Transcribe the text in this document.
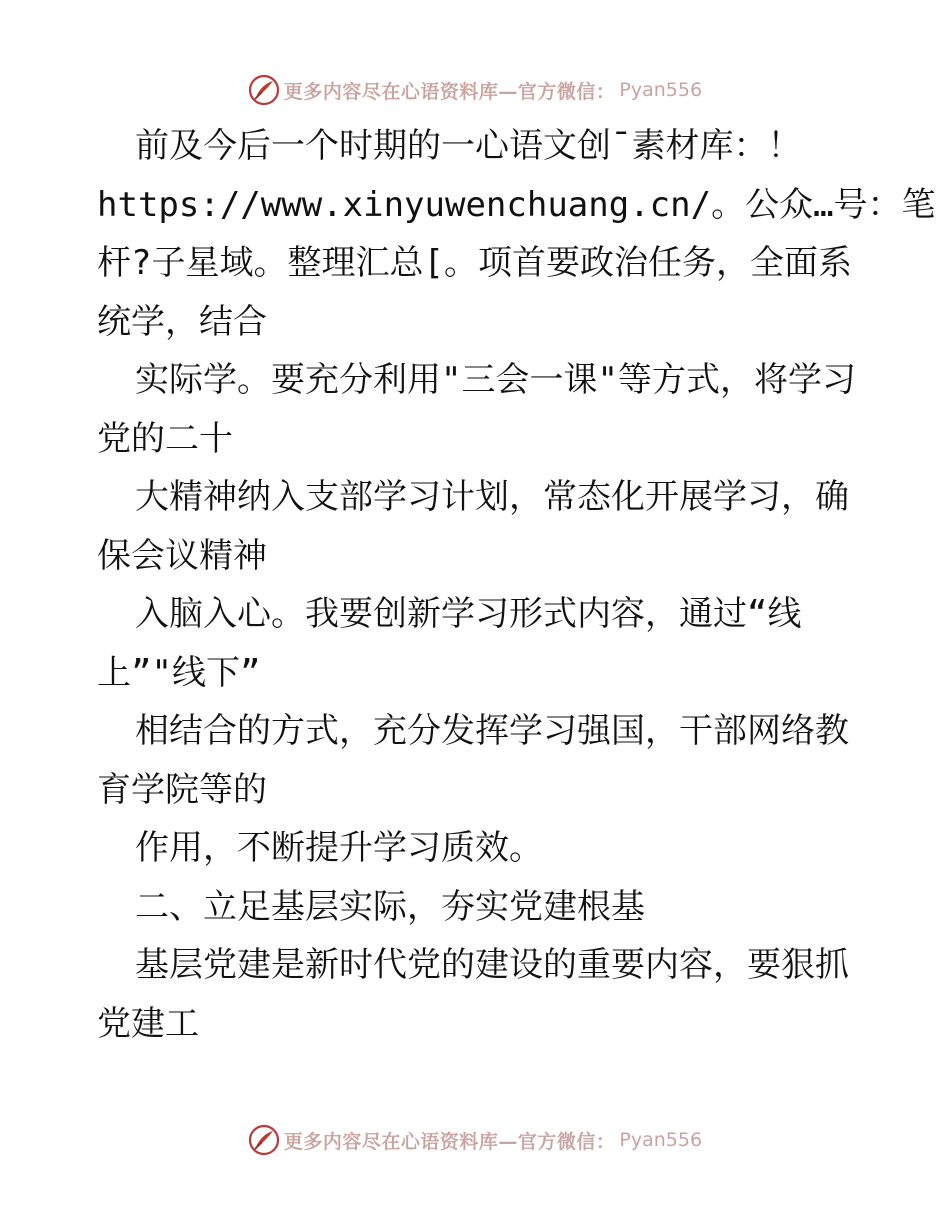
更多内容尽在心语资料库—官方微信： Pyan556
前及今后一个时期的一心语文创¯素材库：！
https://www.xinyuwenchuang.cn/。公众…号：笔
杆?子星域。整理汇总[。项首要政治任务，全面系
统学，结合
实际学。要充分利用"三会一课"等方式，将学习
党的二十
大精神纳入支部学习计划，常态化开展学习，确
保会议精神
入脑入心。我要创新学习形式内容，通过“线
上”"线下”
相结合的方式，充分发挥学习强国，干部网络教
育学院等的
作用，不断提升学习质效。
二、立足基层实际，夯实党建根基
基层党建是新时代党的建设的重要内容，要狠抓
党建工
更多内容尽在心语资料库—官方微信： Pyan556
